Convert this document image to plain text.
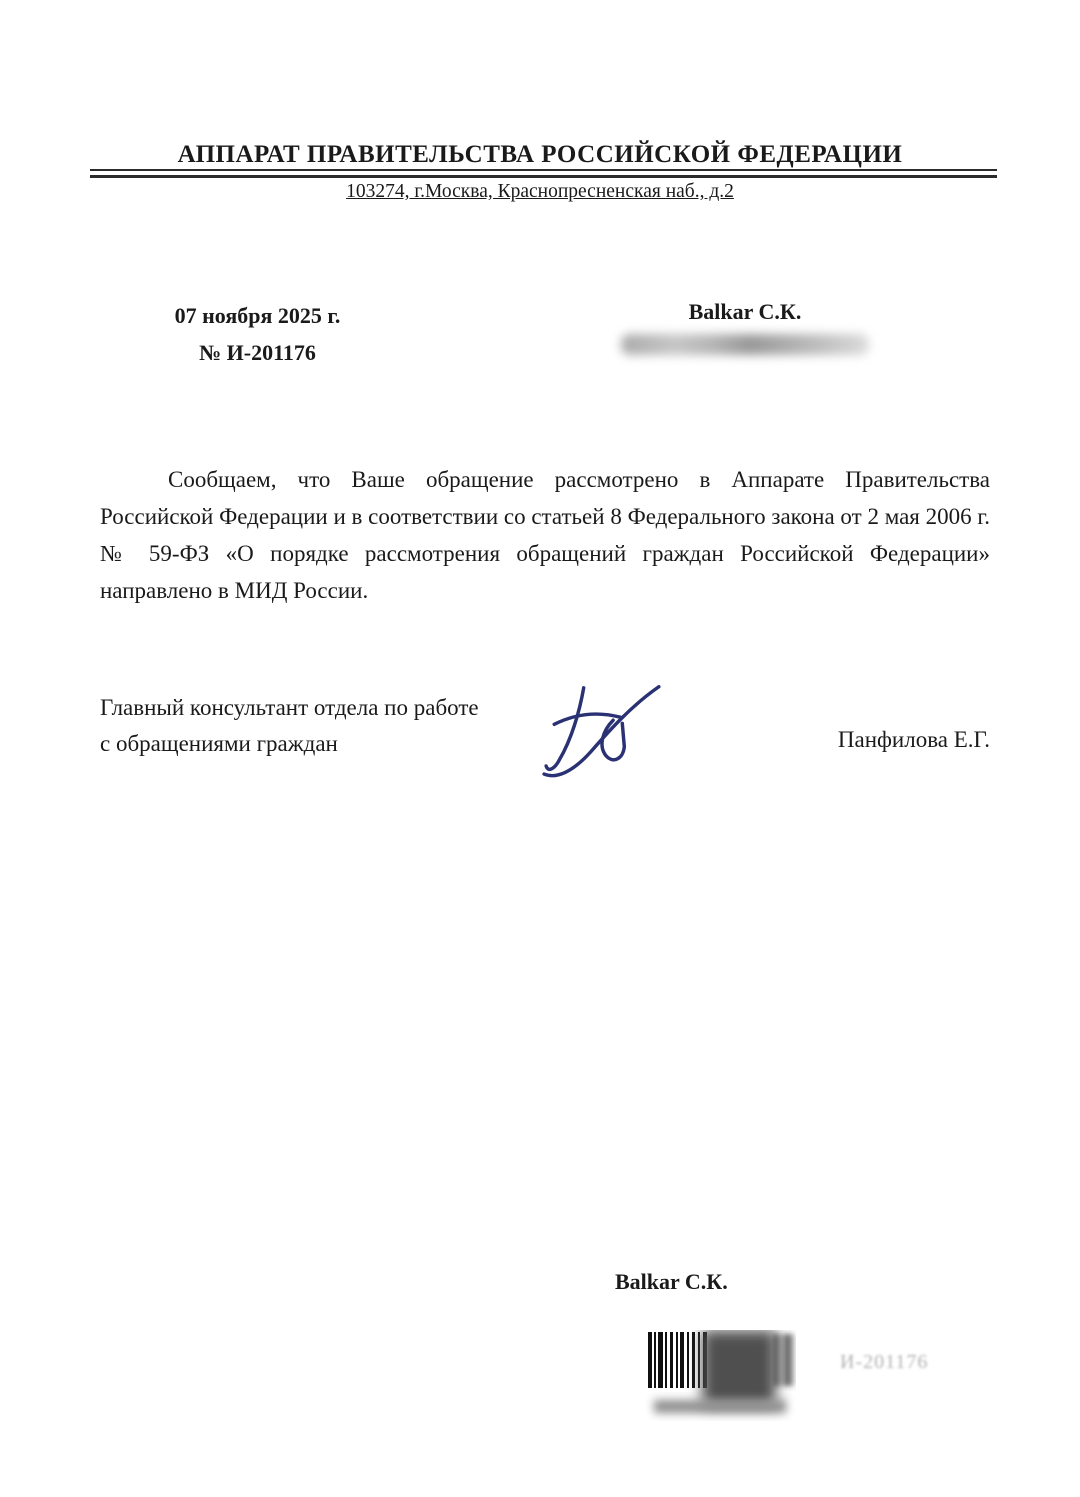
АППАРАТ ПРАВИТЕЛЬСТВА РОССИЙСКОЙ ФЕДЕРАЦИИ
103274, г.Москва, Краснопресненская наб., д.2
07 ноября 2025 г.
№ И-201176
Balkar С.К.
Сообщаем, что Ваше обращение рассмотрено в Аппарате Правительства Российской Федерации и в соответствии со статьей 8 Федерального закона от 2 мая 2006 г. № 59-ФЗ «О порядке рассмотрения обращений граждан Российской Федерации» направлено в МИД России.
Главный консультант отдела по работе
с обращениями граждан	Панфилова Е.Г.
Balkar С.К.
И-201176
